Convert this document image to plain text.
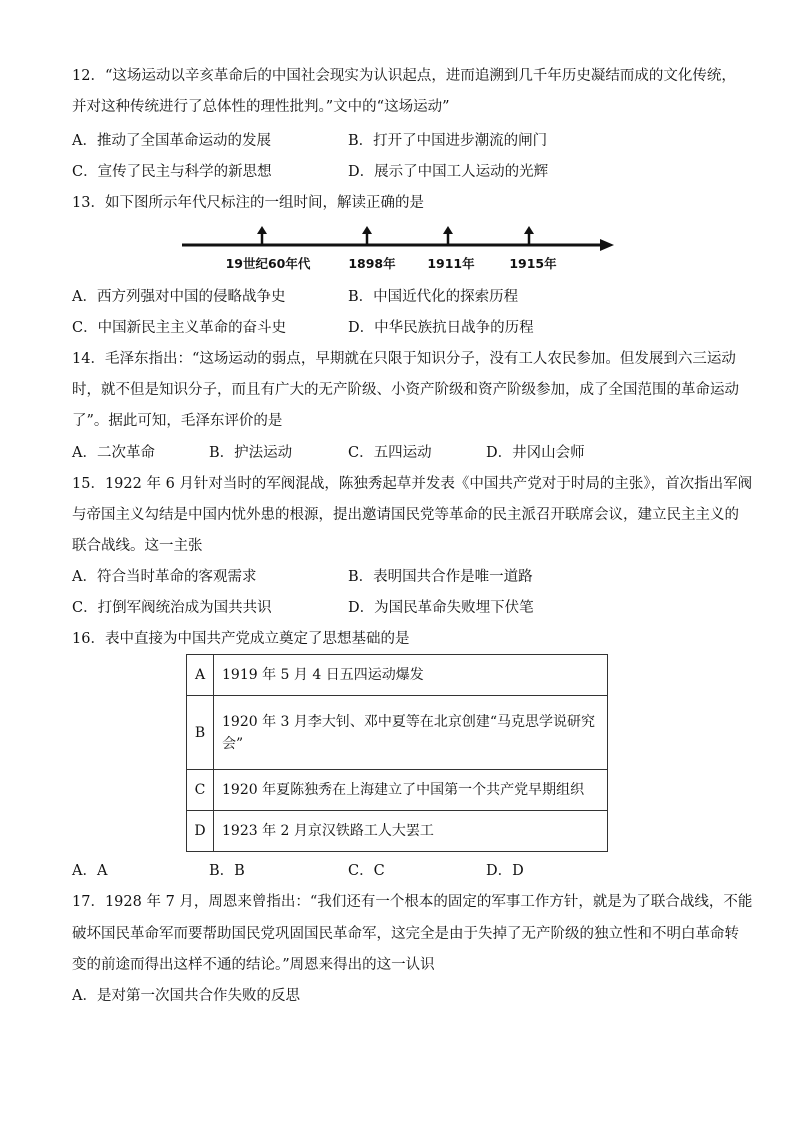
12．“这场运动以辛亥革命后的中国社会现实为认识起点，进而追溯到几千年历史凝结而成的文化传统，
并对这种传统进行了总体性的理性批判。”文中的“这场运动”
A．推动了全国革命运动的发展	B．打开了中国进步潮流的闸门
C．宣传了民主与科学的新思想	D．展示了中国工人运动的光辉
13．如下图所示年代尺标注的一组时间，解读正确的是
19世纪60年代	1898年	1911年	1915年
A．西方列强对中国的侵略战争史	B．中国近代化的探索历程
C．中国新民主主义革命的奋斗史	D．中华民族抗日战争的历程
14．毛泽东指出：“这场运动的弱点，早期就在只限于知识分子，没有工人农民参加。但发展到六三运动
时，就不但是知识分子，而且有广大的无产阶级、小资产阶级和资产阶级参加，成了全国范围的革命运动
了”。据此可知，毛泽东评价的是
A．二次革命	B．护法运动	C．五四运动	D．井冈山会师
15．1922 年 6 月针对当时的军阀混战，陈独秀起草并发表《中国共产党对于时局的主张》，首次指出军阀
与帝国主义勾结是中国内忧外患的根源，提出邀请国民党等革命的民主派召开联席会议，建立民主主义的
联合战线。这一主张
A．符合当时革命的客观需求	B．表明国共合作是唯一道路
C．打倒军阀统治成为国共共识	D．为国民革命失败埋下伏笔
16．表中直接为中国共产党成立奠定了思想基础的是
A	1919 年 5 月 4 日五四运动爆发
B	1920 年 3 月李大钊、邓中夏等在北京创建“马克思学说研究会”
C	1920 年夏陈独秀在上海建立了中国第一个共产党早期组织
D	1923 年 2 月京汉铁路工人大罢工
A．A	B．B	C．C	D．D
17．1928 年 7 月，周恩来曾指出：“我们还有一个根本的固定的军事工作方针，就是为了联合战线，不能
破坏国民革命军而要帮助国民党巩固国民革命军，这完全是由于失掉了无产阶级的独立性和不明白革命转
变的前途而得出这样不通的结论。”周恩来得出的这一认识
A．是对第一次国共合作失败的反思
